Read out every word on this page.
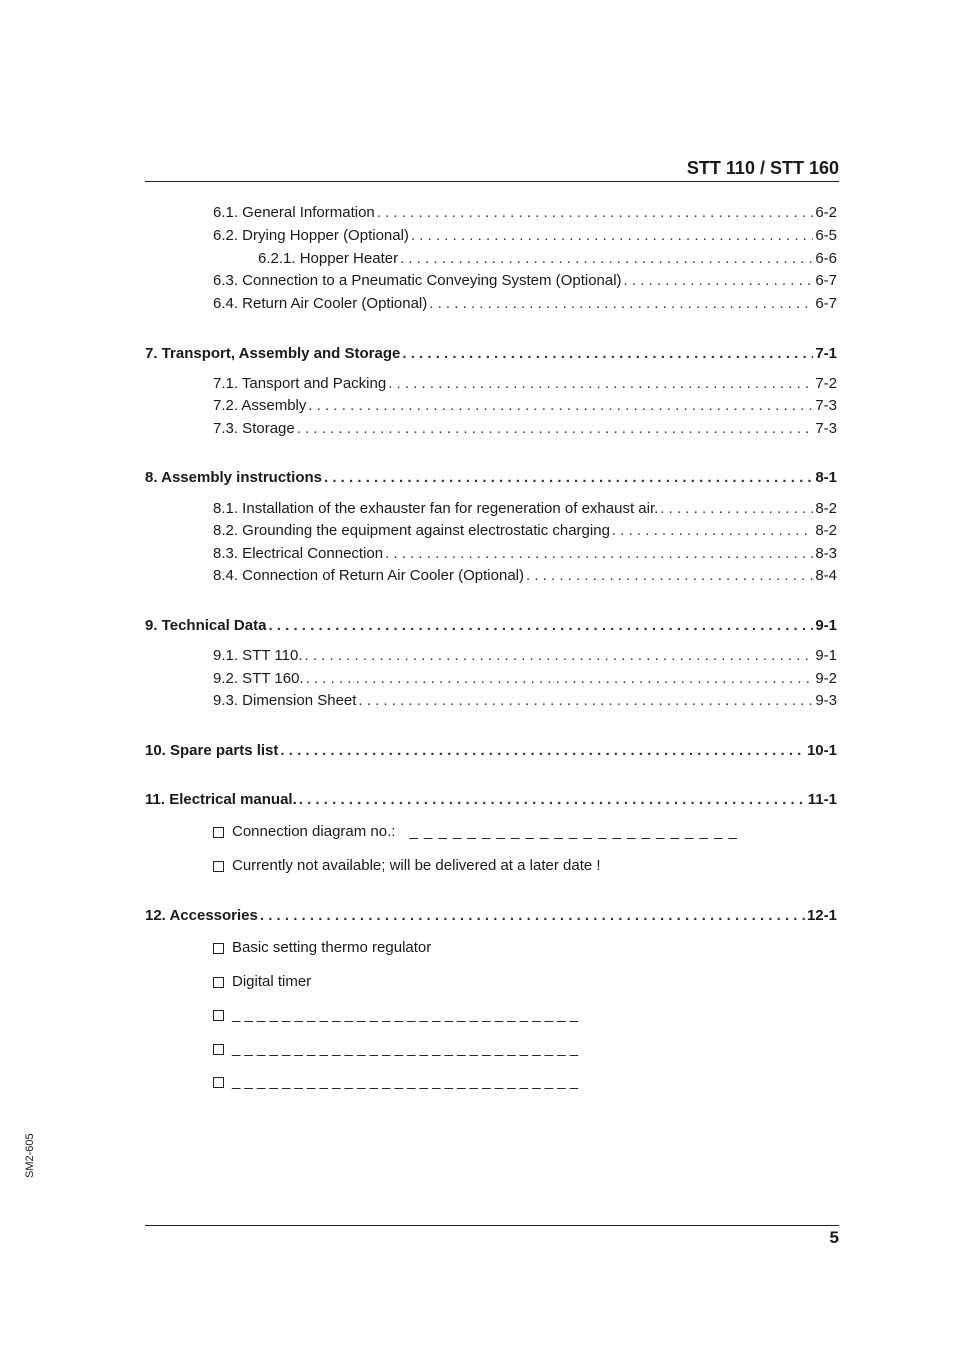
STT 110 / STT 160
6.1. General Information . . .	6-2
6.2. Drying Hopper (Optional) . . .	6-5
6.2.1. Hopper Heater . . .	6-6
6.3. Connection to a Pneumatic Conveying System (Optional) . . .	6-7
6.4. Return Air Cooler (Optional) . . .	6-7
7. Transport, Assembly and Storage . . .	7-1
7.1. Tansport and Packing . . .	7-2
7.2. Assembly . . .	7-3
7.3. Storage . . .	7-3
8. Assembly instructions . . .	8-1
8.1. Installation of the exhauster fan for regeneration of exhaust air. . . .	8-2
8.2. Grounding the equipment against electrostatic charging . . .	8-2
8.3. Electrical Connection . . .	8-3
8.4. Connection of Return Air Cooler (Optional) . . .	8-4
9. Technical Data . . .	9-1
9.1. STT 110. . . .	9-1
9.2. STT 160. . . .	9-2
9.3. Dimension Sheet . . .	9-3
10. Spare parts list . . .	10-1
11. Electrical manual. . . .	11-1
Connection diagram no.: _ _ _ _ _ _ _ _ _ _ _ _ _ _ _ _ _ _ _ _ _ _ _
Currently not available; will be delivered at a later date !
12. Accessories . . .	12-1
Basic setting thermo regulator
Digital timer
_ _ _ _ _ _ _ _ _ _ _ _ _ _ _ _ _ _ _ _ _ _ _ _ _ _ _ _
_ _ _ _ _ _ _ _ _ _ _ _ _ _ _ _ _ _ _ _ _ _ _ _ _ _ _ _
_ _ _ _ _ _ _ _ _ _ _ _ _ _ _ _ _ _ _ _ _ _ _ _ _ _ _ _
SM2-605
5
